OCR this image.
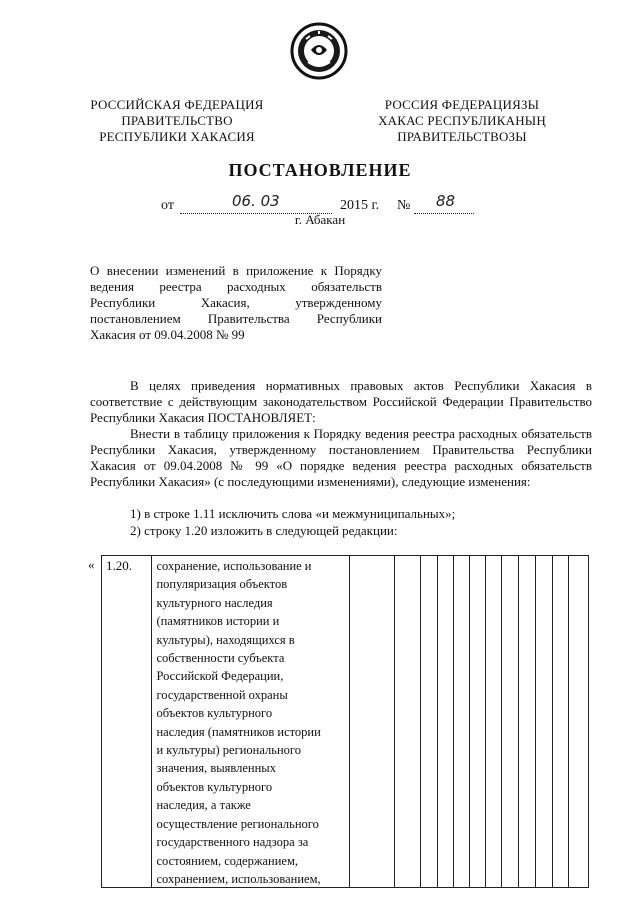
РОССИЙСКАЯ ФЕДЕРАЦИЯ
ПРАВИТЕЛЬСТВО
РЕСПУБЛИКИ ХАКАСИЯ
РОССИЯ ФЕДЕРАЦИЯЗЫ
ХАКАС РЕСПУБЛИКАНЫҢ
ПРАВИТЕЛЬСТВОЗЫ
ПОСТАНОВЛЕНИЕ
от	06. 03	2015 г. № 88
г. Абакан
О внесении изменений в приложение к Порядку ведения реестра расходных обязательств Республики Хакасия, утвержденному постановлением Правительства Республики Хакасия от 09.04.2008 № 99
В целях приведения нормативных правовых актов Республики Хакасия в соответствие с действующим законодательством Российской Федерации Правительство Республики Хакасия ПОСТАНОВЛЯЕТ:
Внести в таблицу приложения к Порядку ведения реестра расходных обязательств Республики Хакасия, утвержденному постановлением Правительства Республики Хакасия от 09.04.2008 № 99 «О порядке ведения реестра расходных обязательств Республики Хакасия» (с последующими изменениями), следующие изменения:
1) в строке 1.11 исключить слова «и межмуниципальных»;
2) строку 1.20 изложить в следующей редакции:
« 1.20.	сохранение, использование и
популяризация объектов
культурного наследия
(памятников истории и
культуры), находящихся в
собственности субъекта
Российской Федерации,
государственной охраны
объектов культурного
наследия (памятников истории
и культуры) регионального
значения, выявленных
объектов культурного
наследия, а также
осуществление регионального
государственного надзора за
состоянием, содержанием,
сохранением, использованием,
